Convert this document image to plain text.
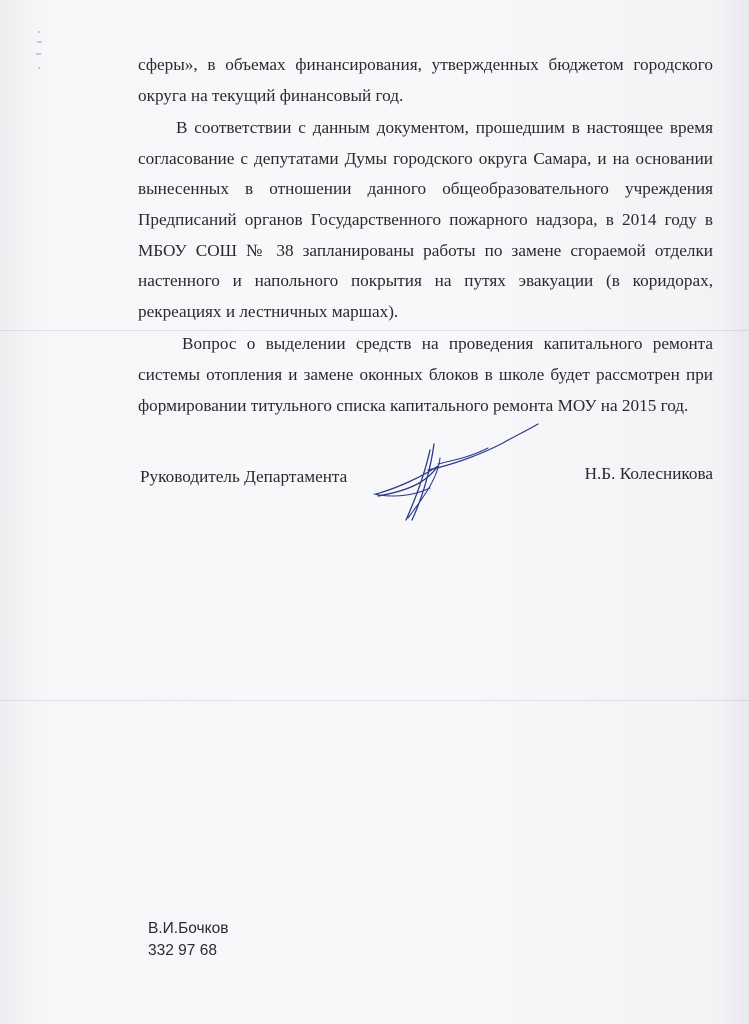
сферы», в объемах финансирования, утвержденных бюджетом городского округа на текущий финансовый год.

В соответствии с данным документом, прошедшим в настоящее время согласование с депутатами Думы городского округа Самара, и на основании вынесенных в отношении данного общеобразовательного учреждения Предписаний органов Государственного пожарного надзора, в 2014 году в МБОУ СОШ № 38 запланированы работы по замене сгораемой отделки настенного и напольного покрытия на путях эвакуации (в коридорах, рекреациях и лестничных маршах).

Вопрос о выделении средств на проведения капитального ремонта системы отопления и замене оконных блоков в школе будет рассмотрен при формировании титульного списка капитального ремонта МОУ на 2015 год.

Руководитель Департамента	Н.Б. Колесникова
В.И.Бочков
332 97 68
